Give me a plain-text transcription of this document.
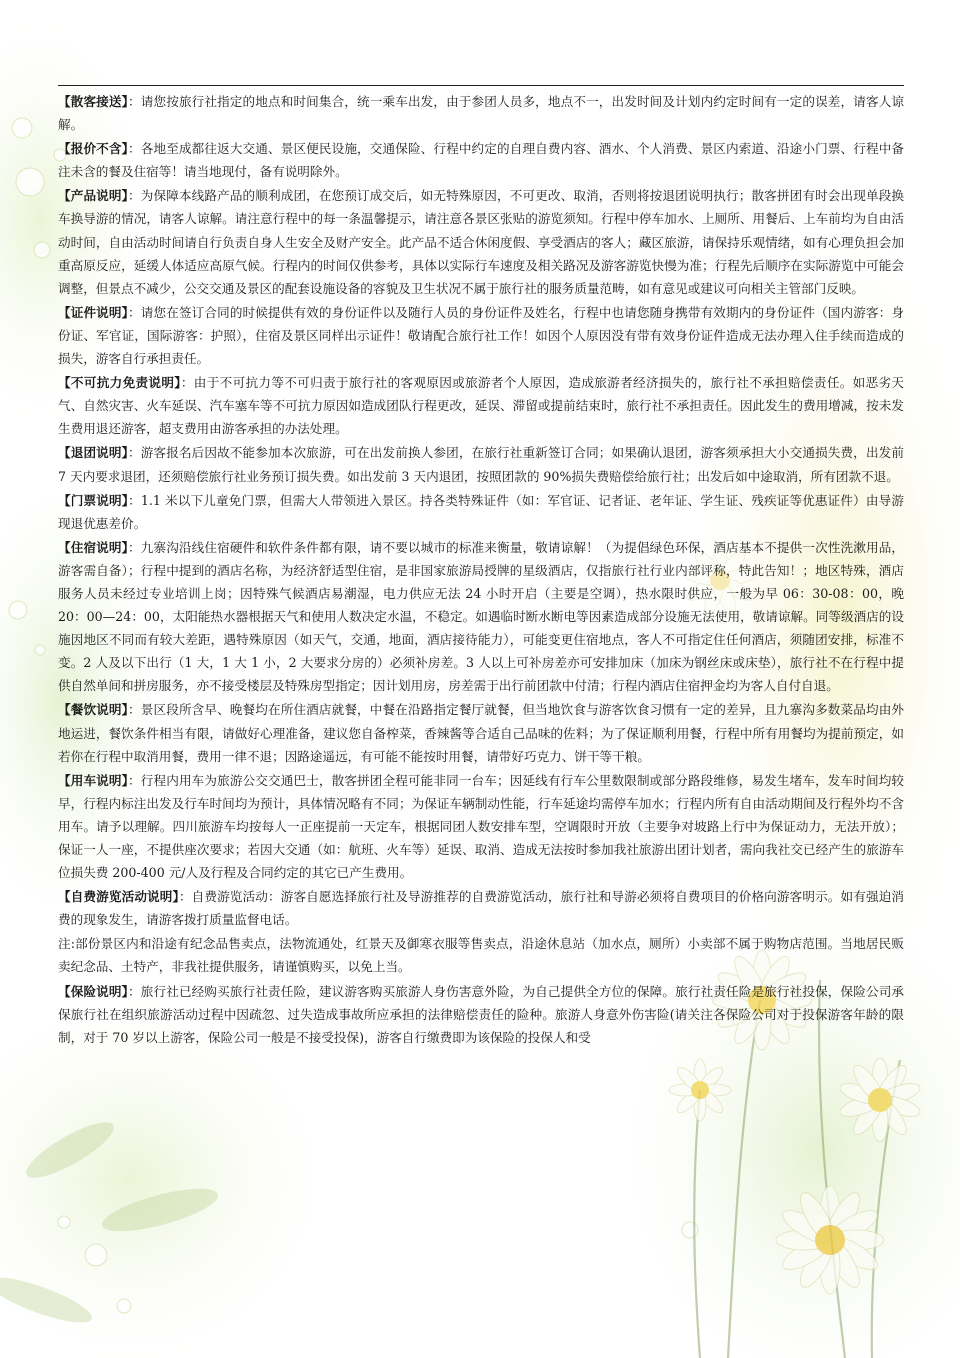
【散客接送】：请您按旅行社指定的地点和时间集合，统一乘车出发，由于参团人员多，地点不一，出发时间及计划内约定时间有一定的误差，请客人谅解。

【报价不含】：各地至成都往返大交通、景区便民设施，交通保险、行程中约定的自理自费内容、酒水、个人消费、景区内索道、沿途小门票、行程中备注未含的餐及住宿等！请当地现付，备有说明除外。

【产品说明】：为保障本线路产品的顺利成团，在您预订成交后，如无特殊原因，不可更改、取消，否则将按退团说明执行；散客拼团有时会出现单段换车换导游的情况，请客人谅解。请注意行程中的每一条温馨提示，请注意各景区张贴的游览须知。行程中停车加水、上厕所、用餐后、上车前均为自由活动时间，自由活动时间请自行负责自身人生安全及财产安全。此产品不适合休闲度假、享受酒店的客人；藏区旅游，请保持乐观情绪，如有心理负担会加重高原反应，延缓人体适应高原气候。行程内的时间仅供参考，具体以实际行车速度及相关路况及游客游览快慢为准；行程先后顺序在实际游览中可能会调整，但景点不减少，公交交通及景区的配套设施设备的容貌及卫生状况不属于旅行社的服务质量范畴，如有意见或建议可向相关主管部门反映。

【证件说明】：请您在签订合同的时候提供有效的身份证件以及随行人员的身份证件及姓名，行程中也请您随身携带有效期内的身份证件（国内游客：身份证、军官证，国际游客：护照），住宿及景区同样出示证件！敬请配合旅行社工作！如因个人原因没有带有效身份证件造成无法办理入住手续而造成的损失，游客自行承担责任。

【不可抗力免责说明】：由于不可抗力等不可归责于旅行社的客观原因或旅游者个人原因，造成旅游者经济损失的，旅行社不承担赔偿责任。如恶劣天气、自然灾害、火车延误、汽车塞车等不可抗力原因如造成团队行程更改，延误、滞留或提前结束时，旅行社不承担责任。因此发生的费用增减，按未发生费用退还游客，超支费用由游客承担的办法处理。

【退团说明】：游客报名后因故不能参加本次旅游，可在出发前换人参团，在旅行社重新签订合同；如果确认退团，游客须承担大小交通损失费，出发前 7 天内要求退团，还须赔偿旅行社业务预订损失费。如出发前 3 天内退团，按照团款的 90%损失费赔偿给旅行社；出发后如中途取消，所有团款不退。

【门票说明】：1.1 米以下儿童免门票，但需大人带领进入景区。持各类特殊证件（如：军官证、记者证、老年证、学生证、残疾证等优惠证件）由导游现退优惠差价。

【住宿说明】：九寨沟沿线住宿硬件和软件条件都有限，请不要以城市的标准来衡量，敬请谅解！（为提倡绿色环保，酒店基本不提供一次性洗漱用品，游客需自备）；行程中提到的酒店名称，为经济舒适型住宿，是非国家旅游局授牌的星级酒店，仅指旅行社行业内部评称，特此告知！；地区特殊，酒店服务人员未经过专业培训上岗；因特殊气候酒店易潮湿，电力供应无法 24 小时开启（主要是空调），热水限时供应，一般为早 06：30-08：00，晚 20：00—24：00，太阳能热水器根据天气和使用人数决定水温，不稳定。如遇临时断水断电等因素造成部分设施无法使用，敬请谅解。同等级酒店的设施因地区不同而有较大差距，遇特殊原因（如天气，交通，地面，酒店接待能力），可能变更住宿地点，客人不可指定住任何酒店，须随团安排，标准不变。2 人及以下出行（1 大，1 大 1 小，2 大要求分房的）必须补房差。3 人以上可补房差亦可安排加床（加床为钢丝床或床垫），旅行社不在行程中提供自然单间和拼房服务，亦不接受楼层及特殊房型指定；因计划用房，房差需于出行前团款中付清；行程内酒店住宿押金均为客人自付自退。

【餐饮说明】：景区段所含早、晚餐均在所住酒店就餐，中餐在沿路指定餐厅就餐，但当地饮食与游客饮食习惯有一定的差异，且九寨沟多数菜品均由外地运进，餐饮条件相当有限，请做好心理准备，建议您自备榨菜，香辣酱等合适自己品味的佐料；为了保证顺利用餐，行程中所有用餐均为提前预定，如若你在行程中取消用餐，费用一律不退；因路途遥远，有可能不能按时用餐，请带好巧克力、饼干等干粮。

【用车说明】：行程内用车为旅游公交交通巴士，散客拼团全程可能非同一台车；因延线有行车公里数限制或部分路段维修，易发生堵车，发车时间均较早，行程内标注出发及行车时间均为预计，具体情况略有不同；为保证车辆制动性能，行车延途均需停车加水；行程内所有自由活动期间及行程外均不含用车。请予以理解。四川旅游车均按每人一正座提前一天定车，根据同团人数安排车型，空调限时开放（主要争对坡路上行中为保证动力，无法开放）；保证一人一座，不提供座次要求；若因大交通（如：航班、火车等）延误、取消、造成无法按时参加我社旅游出团计划者，需向我社交已经产生的旅游车位损失费 200-400 元/人及行程及合同约定的其它已产生费用。

【自费游览活动说明】：自费游览活动：游客自愿选择旅行社及导游推荐的自费游览活动，旅行社和导游必须将自费项目的价格向游客明示。如有强迫消费的现象发生，请游客拨打质量监督电话。

注:部份景区内和沿途有纪念品售卖点，法物流通处，红景天及御寒衣服等售卖点，沿途休息站（加水点，厕所）小卖部不属于购物店范围。当地居民贩卖纪念品、土特产，非我社提供服务，请谨慎购买，以免上当。

【保险说明】：旅行社已经购买旅行社责任险，建议游客购买旅游人身伤害意外险，为自己提供全方位的保障。旅行社责任险是旅行社投保，保险公司承保旅行社在组织旅游活动过程中因疏忽、过失造成事故所应承担的法律赔偿责任的险种。旅游人身意外伤害险(请关注各保险公司对于投保游客年龄的限制，对于 70 岁以上游客，保险公司一般是不接受投保)，游客自行缴费即为该保险的投保人和受
